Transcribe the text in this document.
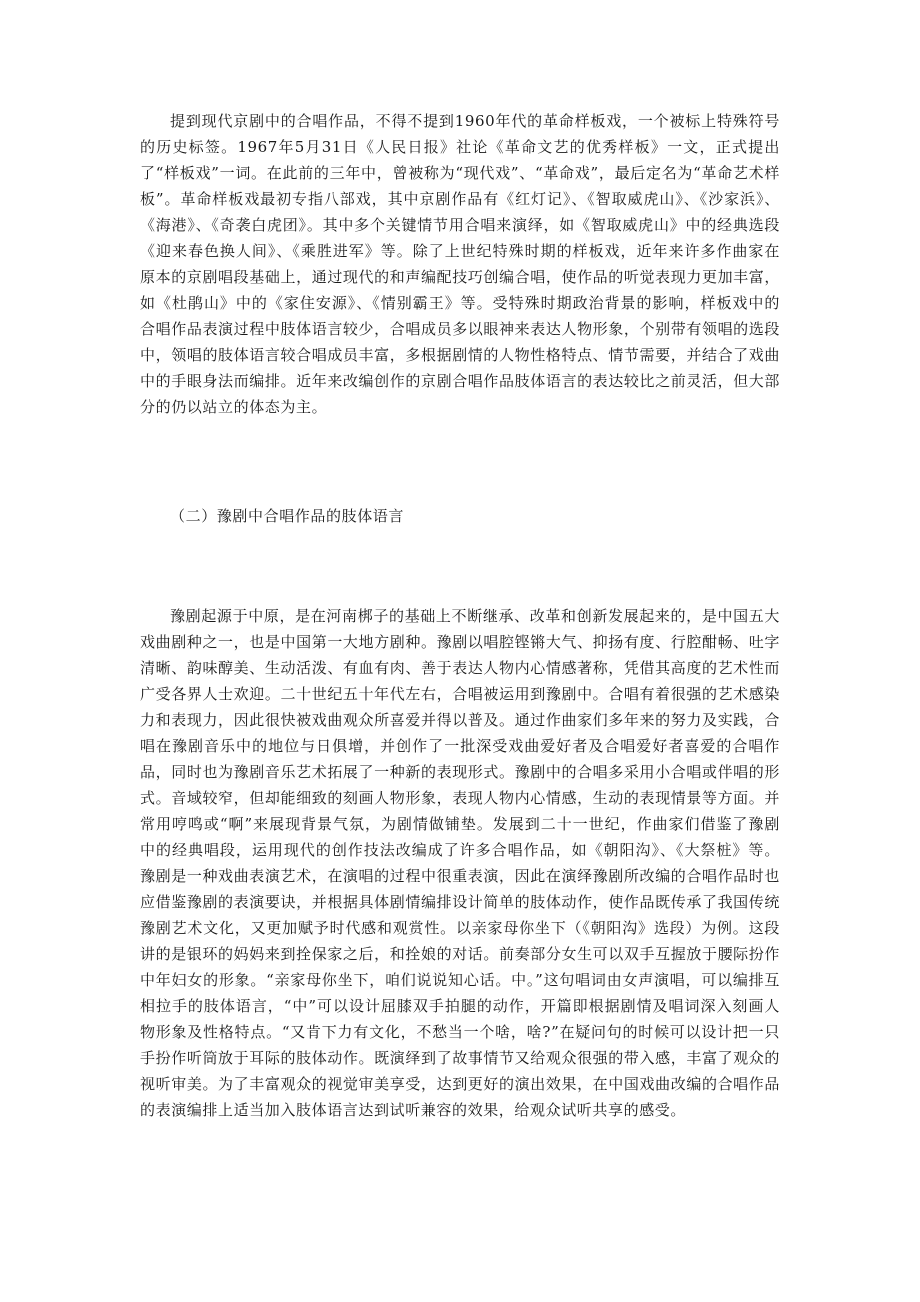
提到现代京剧中的合唱作品，不得不提到1960年代的革命样板戏，一个被标上特殊符号的历史标签。1967年5月31日《人民日报》社论《革命文艺的优秀样板》一文，正式提出了“样板戏”一词。在此前的三年中，曾被称为“现代戏”、“革命戏”，最后定名为“革命艺术样板”。革命样板戏最初专指八部戏，其中京剧作品有《红灯记》、《智取威虎山》、《沙家浜》、《海港》、《奇袭白虎团》。其中多个关键情节用合唱来演绎，如《智取威虎山》中的经典选段《迎来春色换人间》、《乘胜进军》等。除了上世纪特殊时期的样板戏，近年来许多作曲家在原本的京剧唱段基础上，通过现代的和声编配技巧创编合唱，使作品的听觉表现力更加丰富，如《杜鹃山》中的《家住安源》、《情别霸王》等。受特殊时期政治背景的影响，样板戏中的合唱作品表演过程中肢体语言较少，合唱成员多以眼神来表达人物形象，个别带有领唱的选段中，领唱的肢体语言较合唱成员丰富，多根据剧情的人物性格特点、情节需要，并结合了戏曲中的手眼身法而编排。近年来改编创作的京剧合唱作品肢体语言的表达较比之前灵活，但大部分的仍以站立的体态为主。

（二）豫剧中合唱作品的肢体语言

豫剧起源于中原，是在河南梆子的基础上不断继承、改革和创新发展起来的，是中国五大戏曲剧种之一，也是中国第一大地方剧种。豫剧以唱腔铿锵大气、抑扬有度、行腔酣畅、吐字清晰、韵味醇美、生动活泼、有血有肉、善于表达人物内心情感著称，凭借其高度的艺术性而广受各界人士欢迎。二十世纪五十年代左右，合唱被运用到豫剧中。合唱有着很强的艺术感染力和表现力，因此很快被戏曲观众所喜爱并得以普及。通过作曲家们多年来的努力及实践，合唱在豫剧音乐中的地位与日俱增，并创作了一批深受戏曲爱好者及合唱爱好者喜爱的合唱作品，同时也为豫剧音乐艺术拓展了一种新的表现形式。豫剧中的合唱多采用小合唱或伴唱的形式。音域较窄，但却能细致的刻画人物形象，表现人物内心情感，生动的表现情景等方面。并常用哼鸣或“啊”来展现背景气氛，为剧情做铺垫。发展到二十一世纪，作曲家们借鉴了豫剧中的经典唱段，运用现代的创作技法改编成了许多合唱作品，如《朝阳沟》、《大祭桩》等。豫剧是一种戏曲表演艺术，在演唱的过程中很重表演，因此在演绎豫剧所改编的合唱作品时也应借鉴豫剧的表演要诀，并根据具体剧情编排设计简单的肢体动作，使作品既传承了我国传统豫剧艺术文化，又更加赋予时代感和观赏性。以亲家母你坐下（《朝阳沟》选段）为例。这段讲的是银环的妈妈来到拴保家之后，和拴娘的对话。前奏部分女生可以双手互握放于腰际扮作中年妇女的形象。“亲家母你坐下，咱们说说知心话。中。”这句唱词由女声演唱，可以编排互相拉手的肢体语言，“中”可以设计屈膝双手拍腿的动作，开篇即根据剧情及唱词深入刻画人物形象及性格特点。“又肯下力有文化，不愁当一个啥，啥?”在疑问句的时候可以设计把一只手扮作听筒放于耳际的肢体动作。既演绎到了故事情节又给观众很强的带入感，丰富了观众的视听审美。为了丰富观众的视觉审美享受，达到更好的演出效果，在中国戏曲改编的合唱作品的表演编排上适当加入肢体语言达到试听兼容的效果，给观众试听共享的感受。
